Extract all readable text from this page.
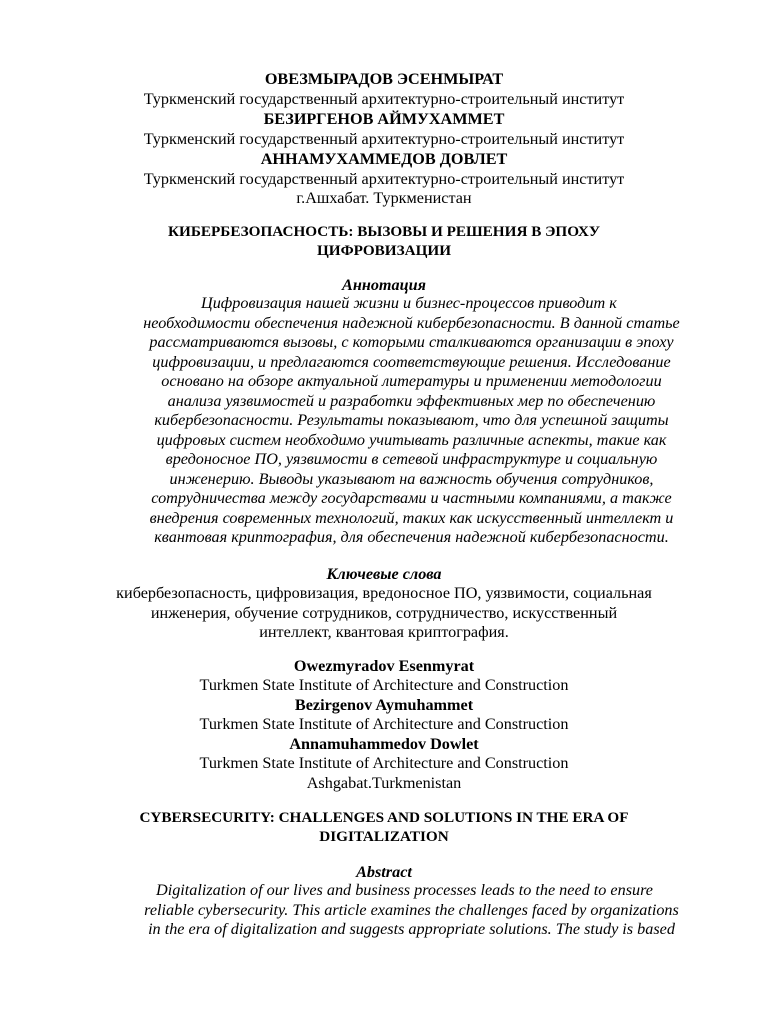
ОВЕЗМЫРАДОВ ЭСЕНМЫРАТ
Туркменский государственный архитектурно-строительный институт
БЕЗИРГЕНОВ АЙМУХАММЕТ
Туркменский государственный архитектурно-строительный институт
АННАМУХАММЕДОВ ДОВЛЕТ
Туркменский государственный архитектурно-строительный институт
г.Ашхабат. Туркменистан
КИБЕРБЕЗОПАСНОСТЬ: ВЫЗОВЫ И РЕШЕНИЯ В ЭПОХУ
ЦИФРОВИЗАЦИИ
Аннотация
Цифровизация нашей жизни и бизнес-процессов приводит к
необходимости обеспечения надежной кибербезопасности. В данной статье
рассматриваются вызовы, с которыми сталкиваются организации в эпоху
цифровизации, и предлагаются соответствующие решения. Исследование
основано на обзоре актуальной литературы и применении методологии
анализа уязвимостей и разработки эффективных мер по обеспечению
кибербезопасности. Результаты показывают, что для успешной защиты
цифровых систем необходимо учитывать различные аспекты, такие как
вредоносное ПО, уязвимости в сетевой инфраструктуре и социальную
инженерию. Выводы указывают на важность обучения сотрудников,
сотрудничества между государствами и частными компаниями, а также
внедрения современных технологий, таких как искусственный интеллект и
квантовая криптография, для обеспечения надежной кибербезопасности.
Ключевые слова
кибербезопасность, цифровизация, вредоносное ПО, уязвимости, социальная
инженерия, обучение сотрудников, сотрудничество, искусственный
интеллект, квантовая криптография.
Owezmyradov Esenmyrat
Turkmen State Institute of Architecture and Construction
Bezirgenov Aymuhammet
Turkmen State Institute of Architecture and Construction
Annamuhammedov Dowlet
Turkmen State Institute of Architecture and Construction
Ashgabat.Turkmenistan
CYBERSECURITY: CHALLENGES AND SOLUTIONS IN THE ERA OF
DIGITALIZATION
Abstract
Digitalization of our lives and business processes leads to the need to ensure
reliable cybersecurity. This article examines the challenges faced by organizations
in the era of digitalization and suggests appropriate solutions. The study is based
